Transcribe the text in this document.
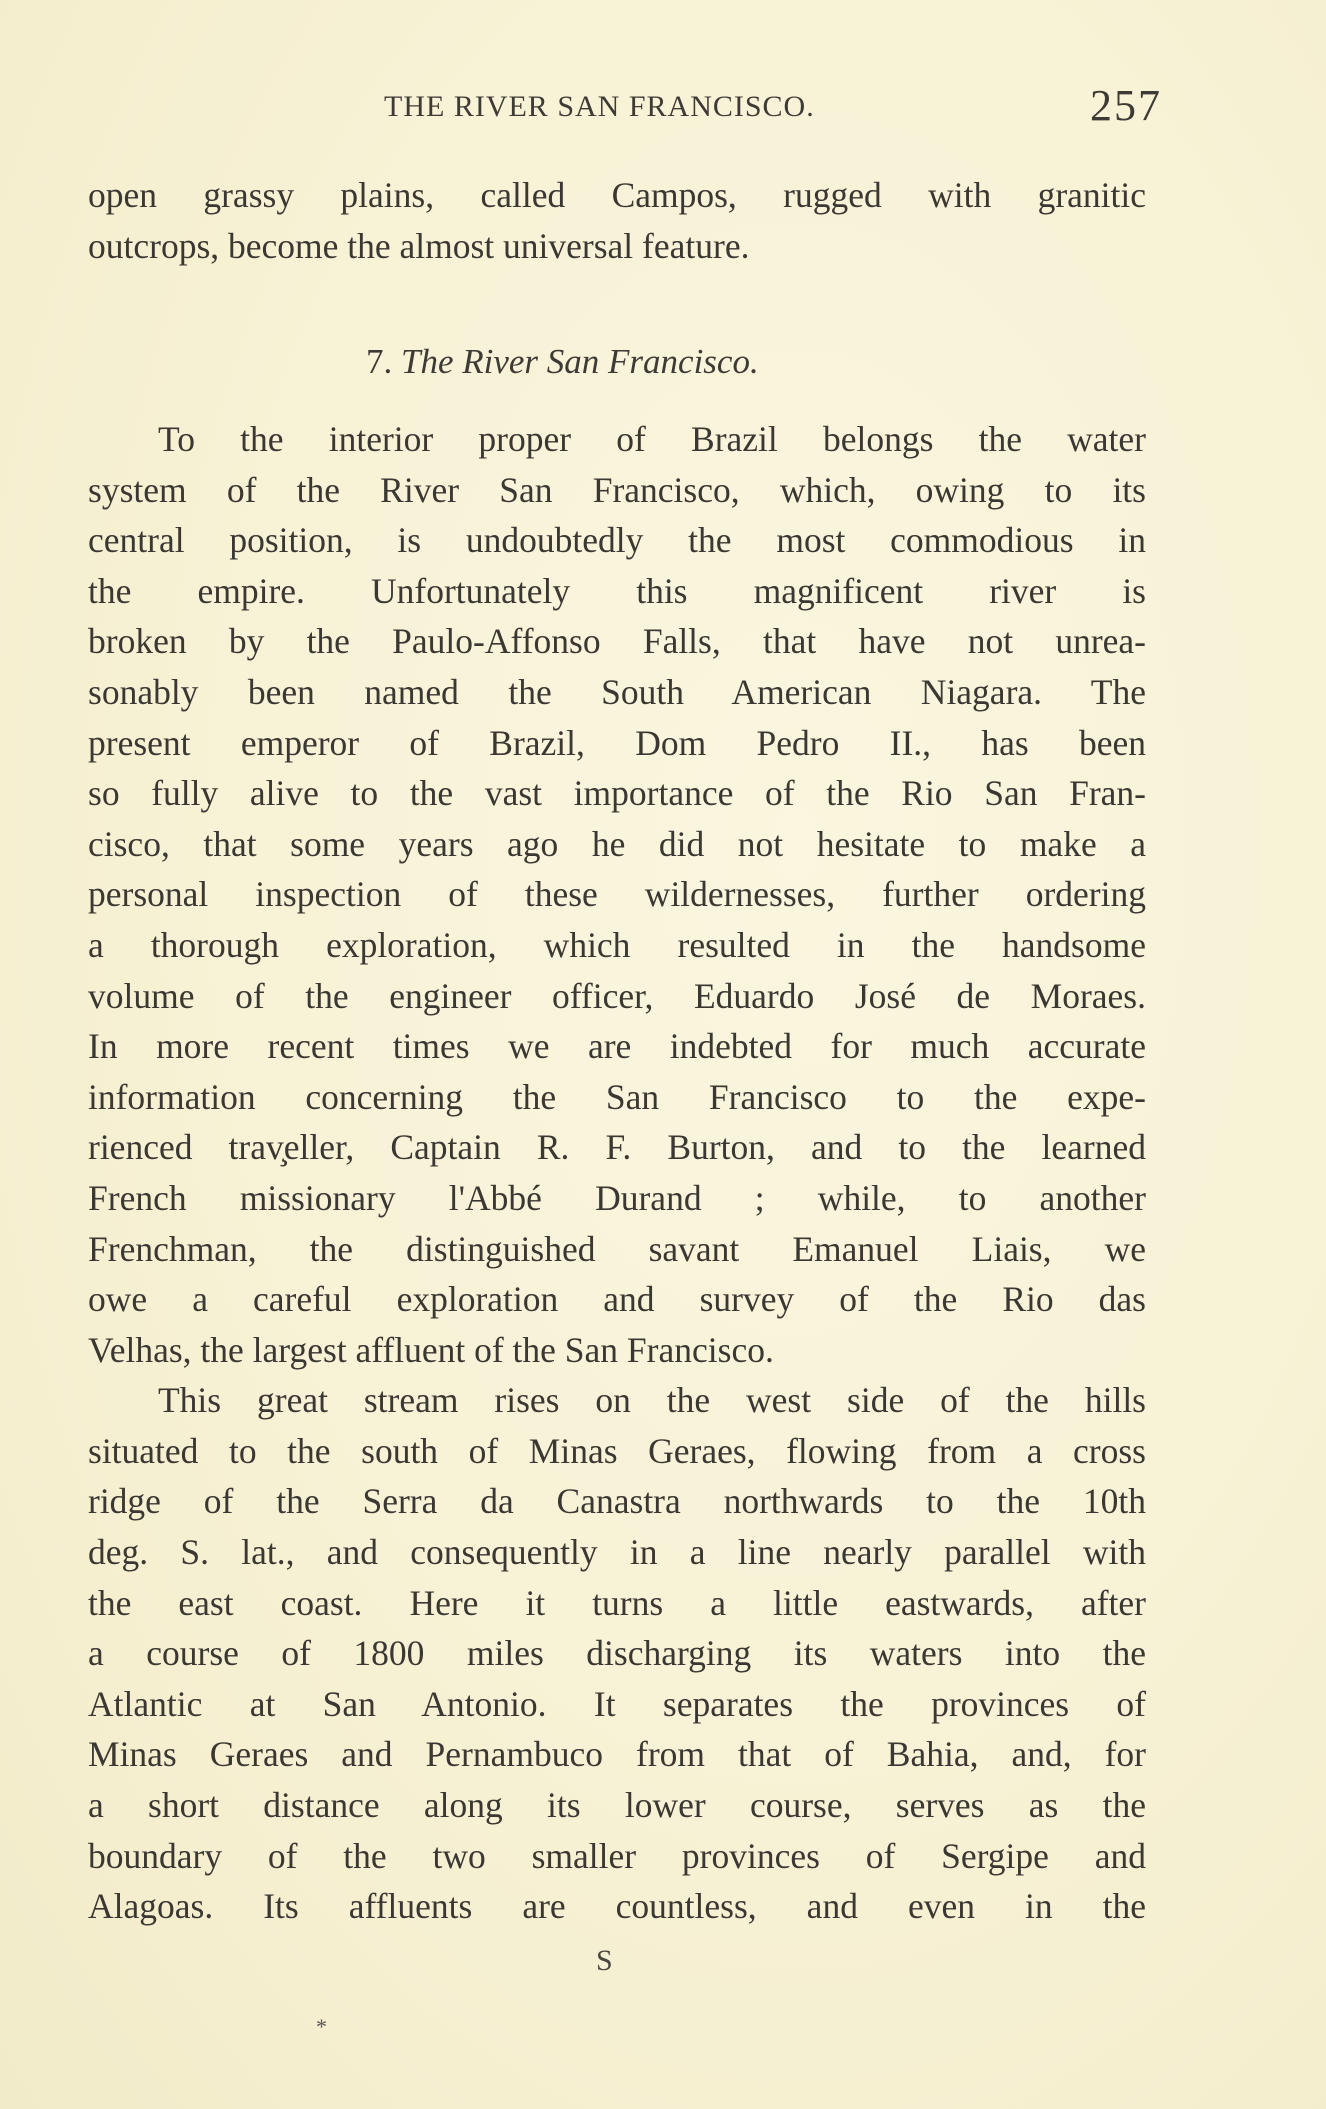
THE RIVER SAN FRANCISCO.	257
open grassy plains, called Campos, rugged with granitic
outcrops, become the almost universal feature.
7. The River San Francisco.
To the interior proper of Brazil belongs the water
system of the River San Francisco, which, owing to its
central position, is undoubtedly the most commodious in
the empire. Unfortunately this magnificent river is
broken by the Paulo-Affonso Falls, that have not unrea-
sonably been named the South American Niagara. The
present emperor of Brazil, Dom Pedro II., has been
so fully alive to the vast importance of the Rio San Fran-
cisco, that some years ago he did not hesitate to make a
personal inspection of these wildernesses, further ordering
a thorough exploration, which resulted in the handsome
volume of the engineer officer, Eduardo José de Moraes.
In more recent times we are indebted for much accurate
information concerning the San Francisco to the expe-
rienced trav̧eller, Captain R. F. Burton, and to the learned
French missionary l'Abbé Durand ; while, to another
Frenchman, the distinguished savant Emanuel Liais, we
owe a careful exploration and survey of the Rio das
Velhas, the largest affluent of the San Francisco.
This great stream rises on the west side of the hills
situated to the south of Minas Geraes, flowing from a cross
ridge of the Serra da Canastra northwards to the 10th
deg. S. lat., and consequently in a line nearly parallel with
the east coast. Here it turns a little eastwards, after
a course of 1800 miles discharging its waters into the
Atlantic at San Antonio. It separates the provinces of
Minas Geraes and Pernambuco from that of Bahia, and, for
a short distance along its lower course, serves as the
boundary of the two smaller provinces of Sergipe and
Alagoas. Its affluents are countless, and even in the
S
*
